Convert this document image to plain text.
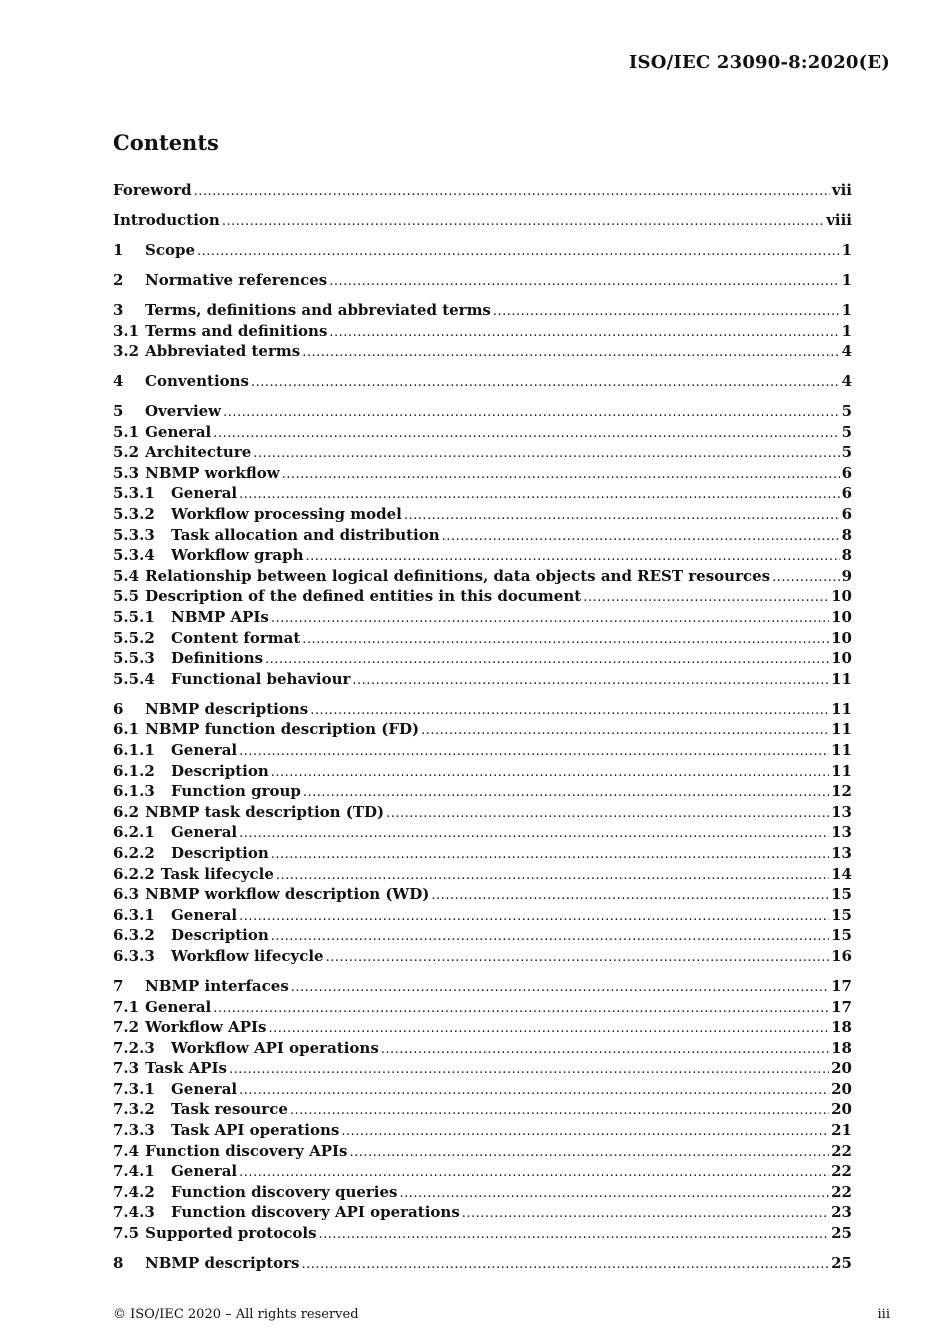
ISO/IEC 23090-8:2020(E)
Contents
Foreword .....	vii
Introduction .....	viii
1	Scope .....	1
2	Normative references .....	1
3	Terms, definitions and abbreviated terms .....	1
3.1 Terms and definitions .....	1
3.2 Abbreviated terms .....	4
4	Conventions .....	4
5	Overview .....	5
5.1 General .....	5
5.2 Architecture .....	5
5.3 NBMP workflow .....	6
5.3.1	General .....	6
5.3.2	Workflow processing model .....	6
5.3.3	Task allocation and distribution .....	8
5.3.4	Workflow graph .....	8
5.4 Relationship between logical definitions, data objects and REST resources .....	9
5.5 Description of the defined entities in this document .....	10
5.5.1	NBMP APIs .....	10
5.5.2	Content format .....	10
5.5.3	Definitions .....	10
5.5.4	Functional behaviour .....	11
6	NBMP descriptions .....	11
6.1 NBMP function description (FD) .....	11
6.1.1	General .....	11
6.1.2	Description .....	11
6.1.3	Function group .....	12
6.2 NBMP task description (TD) .....	13
6.2.1	General .....	13
6.2.2	Description .....	13
6.2.2 Task lifecycle .....	14
6.3 NBMP workflow description (WD) .....	15
6.3.1	General .....	15
6.3.2	Description .....	15
6.3.3	Workflow lifecycle .....	16
7	NBMP interfaces .....	17
7.1 General .....	17
7.2 Workflow APIs .....	18
7.2.3	Workflow API operations .....	18
7.3 Task APIs .....	20
7.3.1	General .....	20
7.3.2	Task resource .....	20
7.3.3	Task API operations .....	21
7.4 Function discovery APIs .....	22
7.4.1	General .....	22
7.4.2	Function discovery queries .....	22
7.4.3	Function discovery API operations .....	23
7.5 Supported protocols .....	25
8	NBMP descriptors .....	25
© ISO/IEC 2020 – All rights reserved	iii
